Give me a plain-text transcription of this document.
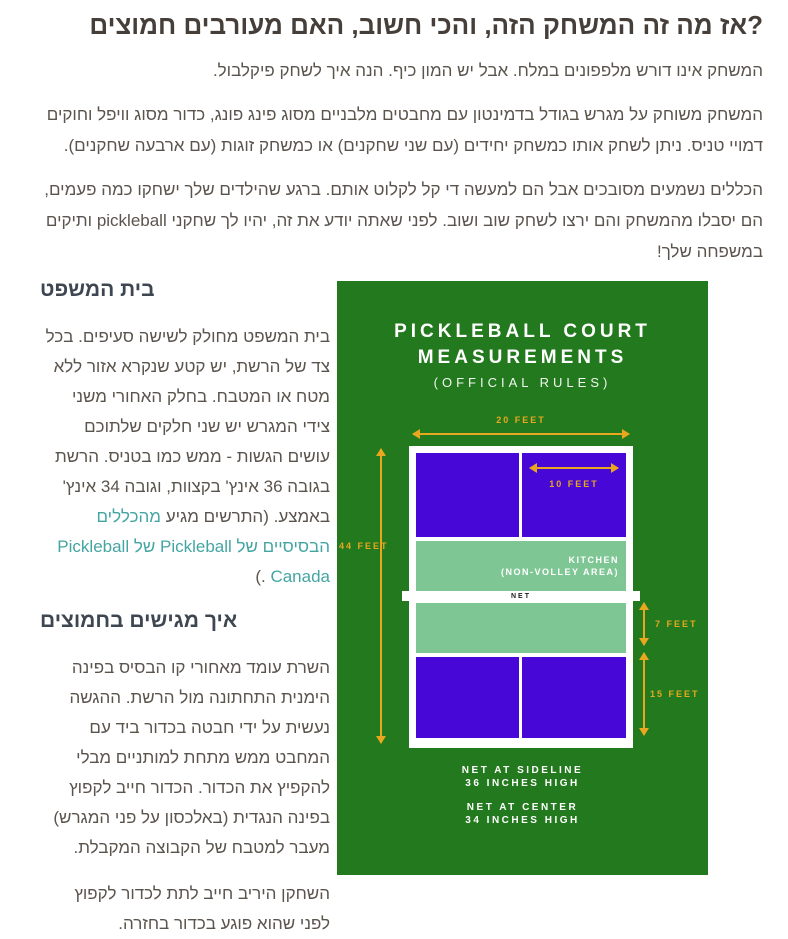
?אז מה זה המשחק הזה, והכי חשוב, האם מעורבים חמוצים

המשחק אינו דורש מלפפונים במלח. אבל יש המון כיף. הנה איך לשחק פיקלבול.

המשחק משוחק על מגרש בגודל בדמינטון עם מחבטים מלבניים מסוג פינג פונג, כדור מסוג וויפל וחוקים דמויי טניס. ניתן לשחק אותו כמשחק יחידים (עם שני שחקנים) או כמשחק זוגות (עם ארבעה שחקנים).

הכללים נשמעים מסובכים אבל הם למעשה די קל לקלוט אותם. ברגע שהילדים שלך ישחקו כמה פעמים, הם יסבלו מהמשחק והם ירצו לשחק שוב ושוב. לפני שאתה יודע את זה, יהיו לך שחקני pickleball ותיקים במשפחה שלך!

בית המשפט

בית המשפט מחולק לשישה סעיפים. בכל צד של הרשת, יש קטע שנקרא אזור ללא מטח או המטבח. בחלק האחורי משני צידי המגרש יש שני חלקים שלתוכם עושים הגשות - ממש כמו בטניס. הרשת בגובה 36 אינץ' בקצוות, וגובה 34 אינץ' באמצע. (התרשים מגיע מהכללים הבסיסיים של Pickleball של Pickleball Canada .)

איך מגישים בחמוצים

השרת עומד מאחורי קו הבסיס בפינה הימנית התחתונה מול הרשת. ההגשה נעשית על ידי חבטה בכדור ביד עם המחבט ממש מתחת למותניים מבלי להקפיץ את הכדור. הכדור חייב לקפוץ בפינה הנגדית (באלכסון על פני המגרש) מעבר למטבח של הקבוצה המקבלת.

השחקן היריב חייב לתת לכדור לקפוץ לפני שהוא פוגע בכדור בחזרה.

PICKLEBALL COURT
MEASUREMENTS
(OFFICIAL RULES)
20 FEET
44 FEET
10 FEET
KITCHEN
(NON-VOLLEY AREA)
NET
7 FEET
15 FEET
NET AT SIDELINE
36 INCHES HIGH
NET AT CENTER
34 INCHES HIGH
